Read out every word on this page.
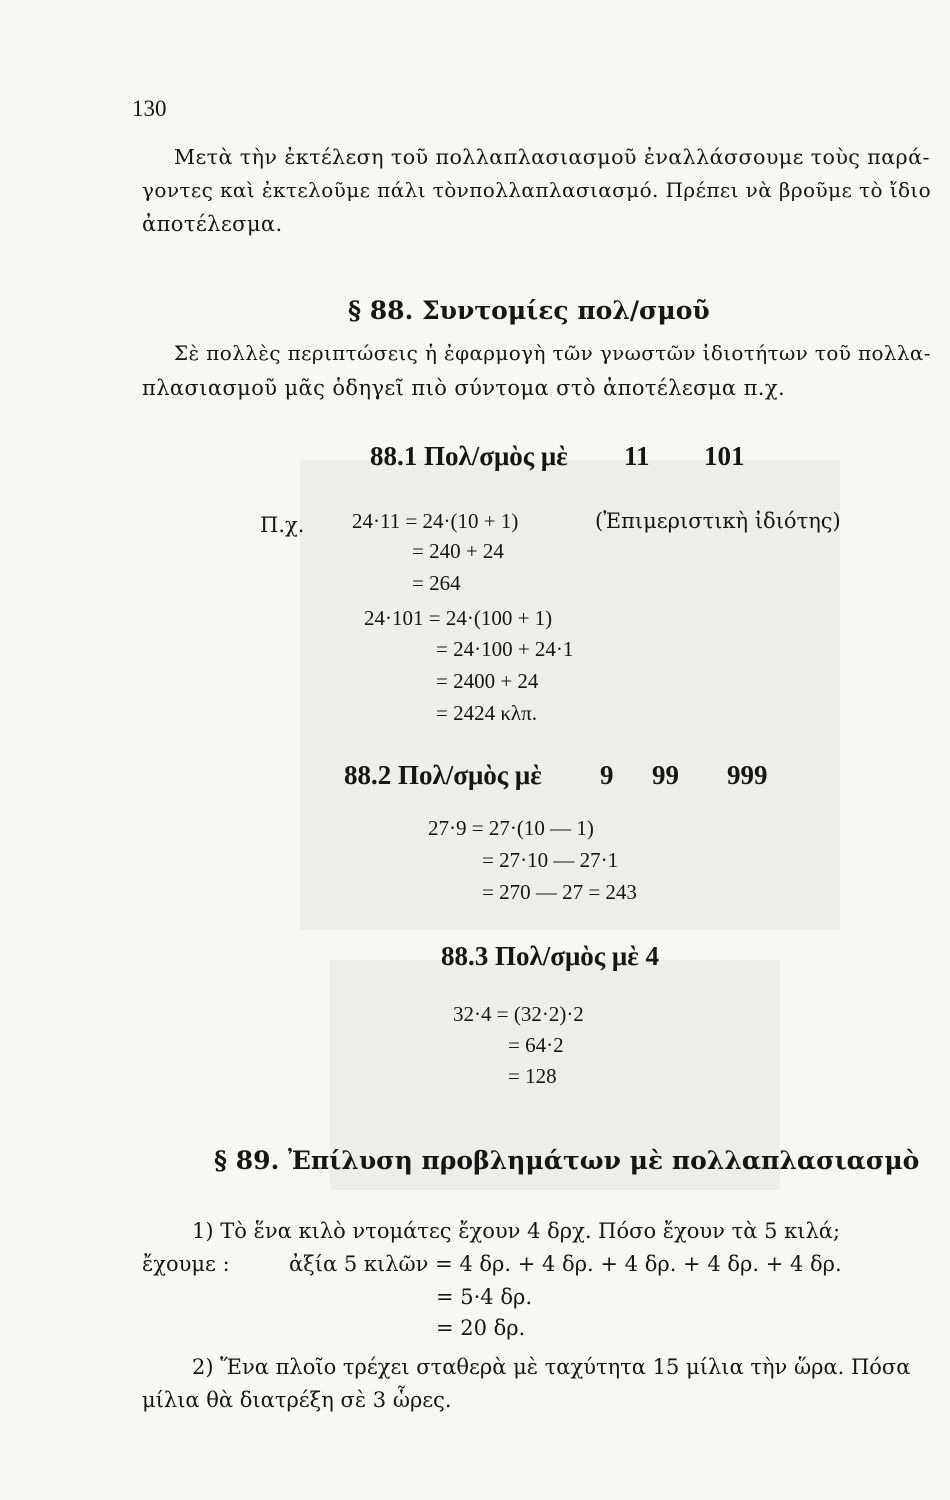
130
Μετὰ τὴν ἐκτέλεση τοῦ πολλαπλασιασμοῦ ἐναλλάσσουμε τοὺς παρά-
γοντες καὶ ἐκτελοῦμε πάλι τὸνπολλαπλασιασμό. Πρέπει νὰ βροῦμε τὸ ἴδιο
ἀποτέλεσμα.
§ 88. Συντομίες πολ/σμοῦ
Σὲ πολλὲς περιπτώσεις ἡ ἐφαρμογὴ τῶν γνωστῶν ἰδιοτήτων τοῦ πολλα-
πλασιασμοῦ μᾶς ὁδηγεῖ πιὸ σύντομα στὸ ἀποτέλεσμα π.χ.
88.1 Πολ/σμὸς μὲ 11 101
Π.χ. 24·11 = 24·(10 + 1)	(Ἐπιμεριστικὴ ἰδιότης)
= 240 + 24
= 264
24·101 = 24·(100 + 1)
= 24·100 + 24·1
= 2400 + 24
= 2424 κλπ.
88.2 Πολ/σμὸς μὲ 9 99 999
27·9 = 27·(10 — 1)
= 27·10 — 27·1
= 270 — 27 = 243
88.3 Πολ/σμὸς μὲ 4
32·4 = (32·2)·2
= 64·2
= 128
§ 89. Ἐπίλυση προβλημάτων μὲ πολλαπλασιασμὸ
1) Τὸ ἕνα κιλὸ ντομάτες ἔχουν 4 δρχ. Πόσο ἔχουν τὰ 5 κιλά;
ἔχουμε :	ἀξία 5 κιλῶν = 4 δρ. + 4 δρ. + 4 δρ. + 4 δρ. + 4 δρ.
= 5·4 δρ.
= 20 δρ.
2) Ἕνα πλοῖο τρέχει σταθερὰ μὲ ταχύτητα 15 μίλια τὴν ὥρα. Πόσα
μίλια θὰ διατρέξη σὲ 3 ὧρες.
